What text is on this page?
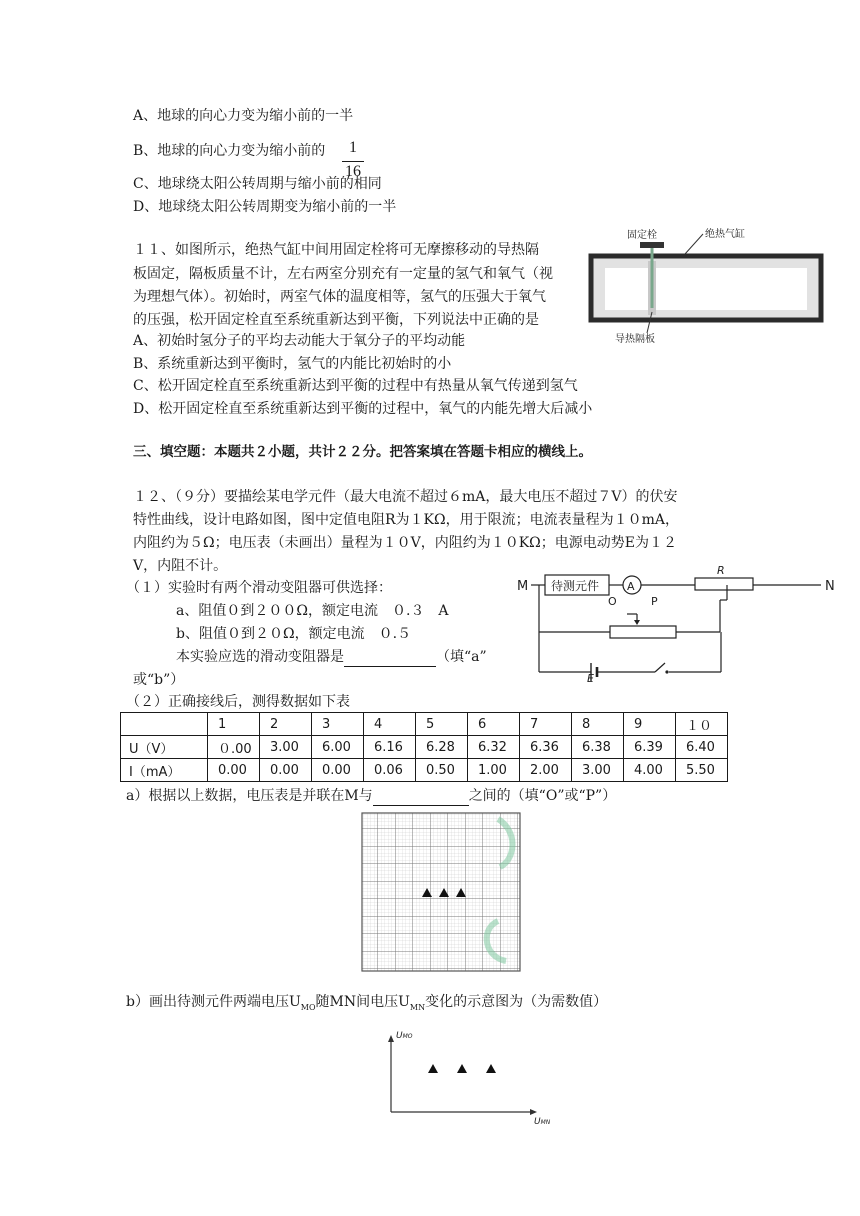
A、地球的向心力变为缩小前的一半
B、地球的向心力变为缩小前的	1
16
C、地球绕太阳公转周期与缩小前的相同
D、地球绕太阳公转周期变为缩小前的一半
１１、如图所示，绝热气缸中间用固定栓将可无摩擦移动的导热隔
板固定，隔板质量不计，左右两室分别充有一定量的氢气和氧气（视
为理想气体）。初始时，两室气体的温度相等，氢气的压强大于氧气
的压强，松开固定栓直至系统重新达到平衡，下列说法中正确的是
A、初始时氢分子的平均去动能大于氧分子的平均动能
B、系统重新达到平衡时，氢气的内能比初始时的小
C、松开固定栓直至系统重新达到平衡的过程中有热量从氧气传递到氢气
D、松开固定栓直至系统重新达到平衡的过程中，氧气的内能先增大后减小
固定栓	绝热气缸
导热隔板
三、填空题：本题共２小题，共计２２分。把答案填在答题卡相应的横线上。
１２、（９分）要描绘某电学元件（最大电流不超过６mA，最大电压不超过７V）的伏安
特性曲线，设计电路如图，图中定值电阻R为１KΩ，用于限流；电流表量程为１０mA，
内阻约为５Ω；电压表（未画出）量程为１０V，内阻约为１０KΩ；电源电动势E为１２
V，内阻不计。
（１）实验时有两个滑动变阻器可供选择：
a、阻值０到２００Ω，额定电流　０.３　A
b、阻值０到２０Ω，额定电流　０.５
本实验应选的滑动变阻器是	（填“a”
或“b”）
（２）正确接线后，测得数据如下表
M	N
待测元件	A
O	P
R
E
	1	2	3	4	5	6	7	8	9	１０
U（V）	０.00	3.00	6.00	6.16	6.28	6.32	6.36	6.38	6.39	6.40
I（mA）	0.00	0.00	0.00	0.06	0.50	1.00	2.00	3.00	4.00	5.50
a）根据以上数据，电压表是并联在M与	之间的（填“O”或“P”）
b）画出待测元件两端电压$U_{MO}$随MN间电压$U_{MN}$变化的示意图为（为需数值）
UMO
UMN
